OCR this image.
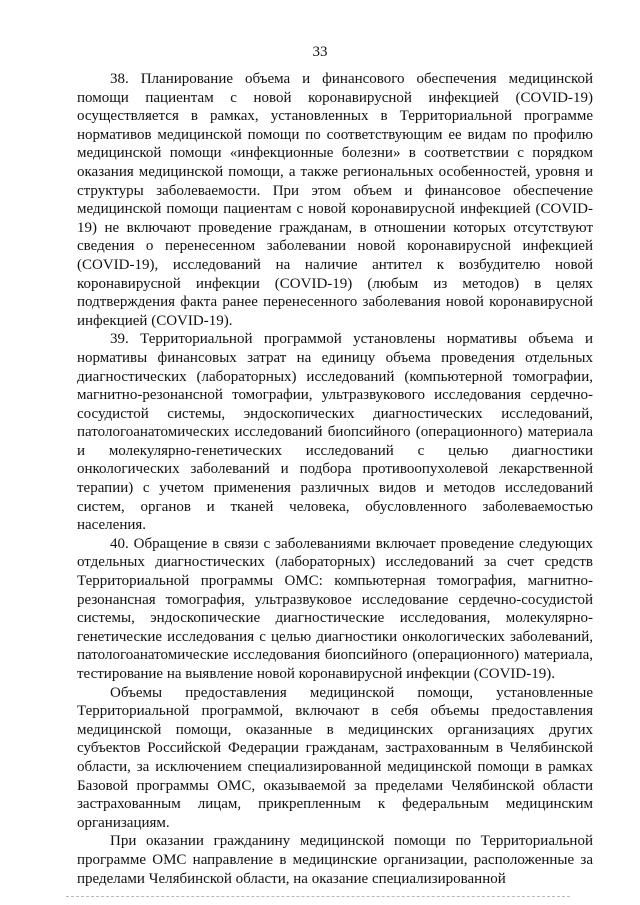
33

38. Планирование объема и финансового обеспечения медицинской помощи пациентам с новой коронавирусной инфекцией (COVID-19) осуществляется в рамках, установленных в Территориальной программе нормативов медицинской помощи по соответствующим ее видам по профилю медицинской помощи «инфекционные болезни» в соответствии с порядком оказания медицинской помощи, а также региональных особенностей, уровня и структуры заболеваемости. При этом объем и финансовое обеспечение медицинской помощи пациентам с новой коронавирусной инфекцией (COVID-19) не включают проведение гражданам, в отношении которых отсутствуют сведения о перенесенном заболевании новой коронавирусной инфекцией (COVID-19), исследований на наличие антител к возбудителю новой коронавирусной инфекции (COVID-19) (любым из методов) в целях подтверждения факта ранее перенесенного заболевания новой коронавирусной инфекцией (COVID-19).

39. Территориальной программой установлены нормативы объема и нормативы финансовых затрат на единицу объема проведения отдельных диагностических (лабораторных) исследований (компьютерной томографии, магнитно-резонансной томографии, ультразвукового исследования сердечно-сосудистой системы, эндоскопических диагностических исследований, патологоанатомических исследований биопсийного (операционного) материала и молекулярно-генетических исследований с целью диагностики онкологических заболеваний и подбора противоопухолевой лекарственной терапии) с учетом применения различных видов и методов исследований систем, органов и тканей человека, обусловленного заболеваемостью населения.

40. Обращение в связи с заболеваниями включает проведение следующих отдельных диагностических (лабораторных) исследований за счет средств Территориальной программы ОМС: компьютерная томография, магнитно-резонансная томография, ультразвуковое исследование сердечно-сосудистой системы, эндоскопические диагностические исследования, молекулярно-генетические исследования с целью диагностики онкологических заболеваний, патологоанатомические исследования биопсийного (операционного) материала, тестирование на выявление новой коронавирусной инфекции (COVID-19).

Объемы предоставления медицинской помощи, установленные Территориальной программой, включают в себя объемы предоставления медицинской помощи, оказанные в медицинских организациях других субъектов Российской Федерации гражданам, застрахованным в Челябинской области, за исключением специализированной медицинской помощи в рамках Базовой программы ОМС, оказываемой за пределами Челябинской области застрахованным лицам, прикрепленным к федеральным медицинским организациям.

При оказании гражданину медицинской помощи по Территориальной программе ОМС направление в медицинские организации, расположенные за пределами Челябинской области, на оказание специализированной
